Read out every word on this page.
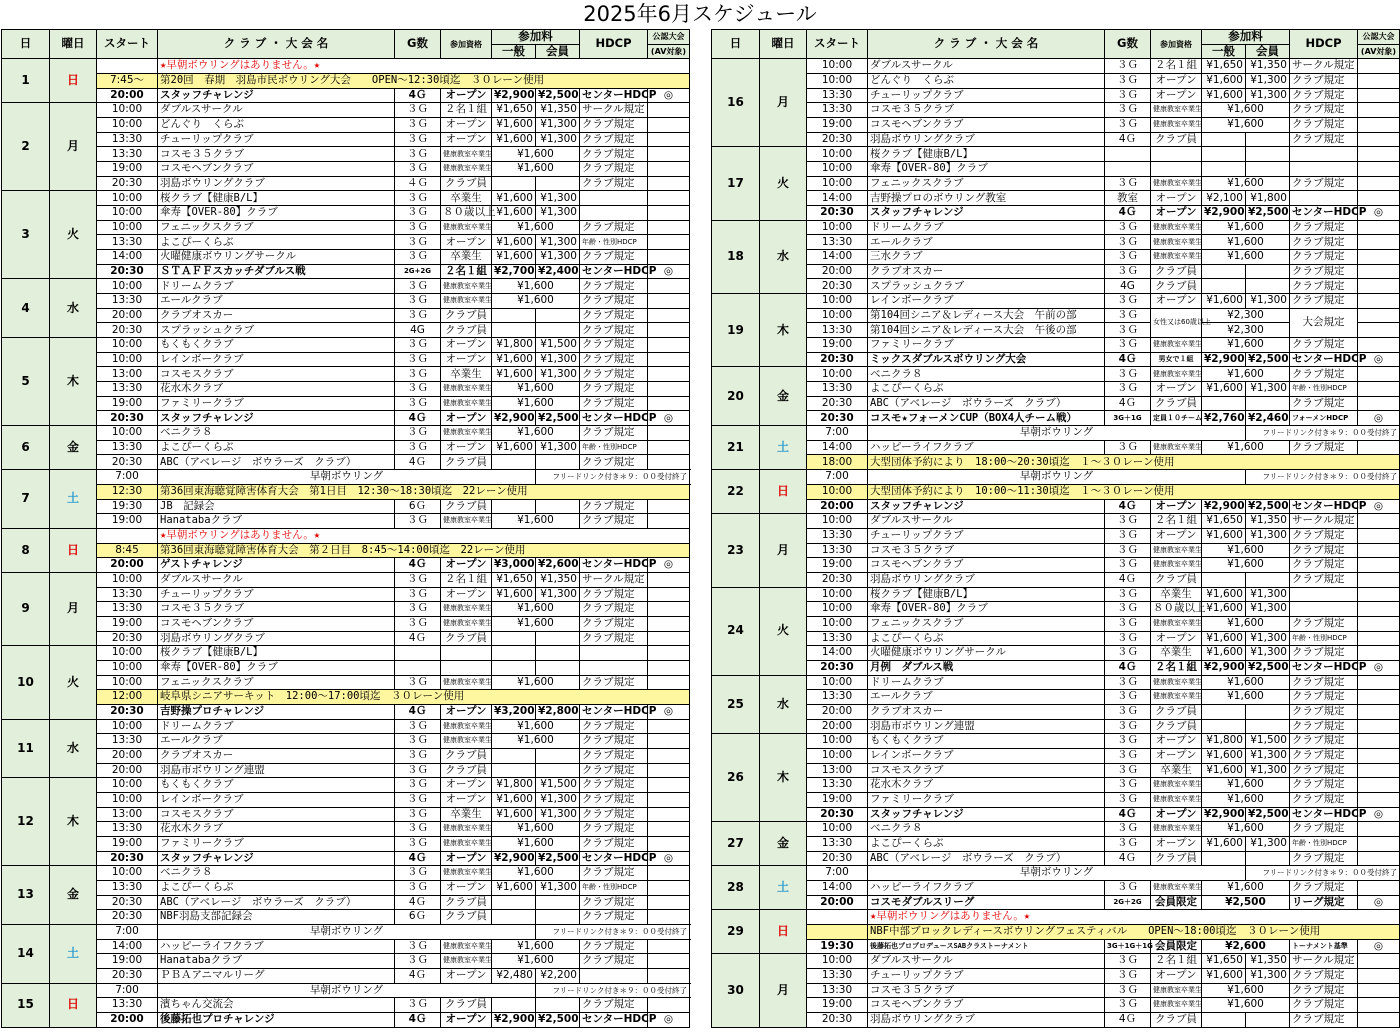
2025年6月スケジュール
日	曜日	スタート	ク ラ ブ ・ 大 会 名	G数	参加資格	参加料		HDCP	公認大会	
						一般	会員		(AV対象)	
1	日		★早朝ボウリングはありません。★							
		7:45～	第20回　春期　羽島市民ボウリング大会　　OPEN～12:30頃迄　３０レーン使用							
		20:00	スタッフチャレンジ	4Ｇ	オープン	¥2,900	¥2,500	センターHDCP	◎	
2	月	10:00	ダブルスサークル	３Ｇ	２名１組	¥1,650	¥1,350	サークル規定		
		10:00	どんぐり　くらぶ	３Ｇ	オープン	¥1,600	¥1,300	クラブ規定		
		13:30	チューリップクラブ	３Ｇ	オープン	¥1,600	¥1,300	クラブ規定		
		13:30	コスモ３５クラブ	３Ｇ	健康教室卒業生	¥1,600		クラブ規定		
		19:00	コスモヘブンクラブ	３Ｇ	健康教室卒業生	¥1,600		クラブ規定		
		20:30	羽島ボウリングクラブ	４Ｇ	クラブ員			クラブ規定		
3	火	10:00	桜クラブ【健康B/L】	３Ｇ	卒業生	¥1,600	¥1,300			
		10:00	傘寿【OVER-80】クラブ	３Ｇ	８０歳以上	¥1,600	¥1,300			
		10:00	フェニックスクラブ	３Ｇ	健康教室卒業生	¥1,600		クラブ規定		
		13:30	よこぴーくらぶ	３Ｇ	オープン	¥1,600	¥1,300	年齢・性別HDCP		
		14:00	火曜健康ボウリングサークル	３Ｇ	卒業生	¥1,600	¥1,300	クラブ規定		
		20:30	ＳＴＡＦＦスカッチダブルス戦	2G+2G	２名１組	¥2,700	¥2,400	センターHDCP	◎	
4	水	10:00	ドリームクラブ	３Ｇ	健康教室卒業生	¥1,600		クラブ規定		
		13:30	エールクラブ	３Ｇ	健康教室卒業生	¥1,600		クラブ規定		
		20:00	クラブオスカー	３Ｇ	クラブ員			クラブ規定		
		20:30	スプラッシュクラブ	4G	クラブ員			クラブ規定		
5	木	10:00	もくもくクラブ	３Ｇ	オープン	¥1,800	¥1,500	クラブ規定		
		10:00	レインボークラブ	３Ｇ	オープン	¥1,600	¥1,300	クラブ規定		
		13:00	コスモスクラブ	３Ｇ	卒業生	¥1,600	¥1,300	クラブ規定		
		13:30	花水木クラブ	３Ｇ	健康教室卒業生	¥1,600		クラブ規定		
		19:00	ファミリークラブ	３Ｇ	健康教室卒業生	¥1,600		クラブ規定		
		20:30	スタッフチャレンジ	4Ｇ	オープン	¥2,900	¥2,500	センターHDCP	◎	
6	金	10:00	ベニクラ８	３Ｇ	健康教室卒業生	¥1,600		クラブ規定		
		13:30	よこぴーくらぶ	３Ｇ	オープン	¥1,600	¥1,300	年齢・性別HDCP		
		20:30	ABC（アベレージ　ボウラーズ　クラブ）	4Ｇ	クラブ員			クラブ規定		
7	土	7:00	早朝ボウリング				フリードリンク付き＊９：００受付終了			
		12:30	第36回東海聴覚障害体育大会　第1日目　12:30～18:30頃迄　22レーン使用							
		19:30	JB　記録会	6Ｇ	クラブ員			クラブ規定		
		19:00	Hanatabaクラブ	３Ｇ	健康教室卒業生	¥1,600		クラブ規定		
8	日		★早朝ボウリングはありません。★							
		8:45	第36回東海聴覚障害体育大会　第２日目　8:45～14:00頃迄　22レーン使用							
		20:00	ゲストチャレンジ	4Ｇ	オープン	¥3,000	¥2,600	センターHDCP	◎	
9	月	10:00	ダブルスサークル	３Ｇ	２名１組	¥1,650	¥1,350	サークル規定		
		13:30	チューリップクラブ	３Ｇ	オープン	¥1,600	¥1,300	クラブ規定		
		13:30	コスモ３５クラブ	３Ｇ	健康教室卒業生	¥1,600		クラブ規定		
		19:00	コスモヘブンクラブ	３Ｇ	健康教室卒業生	¥1,600		クラブ規定		
		20:30	羽島ボウリングクラブ	4Ｇ	クラブ員			クラブ規定		
10	火	10:00	桜クラブ【健康B/L】							
		10:00	傘寿【OVER-80】クラブ							
		10:00	フェニックスクラブ	３Ｇ	健康教室卒業生	¥1,600		クラブ規定		
		12:00	岐阜県シニアサーキット　12:00～17:00頃迄　３０レーン使用							
		20:30	吉野操プロチャレンジ	4Ｇ	オープン	¥3,200	¥2,800	センターHDCP	◎	
11	水	10:00	ドリームクラブ	３Ｇ	健康教室卒業生	¥1,600		クラブ規定		
		13:30	エールクラブ	３Ｇ	健康教室卒業生	¥1,600		クラブ規定		
		20:00	クラブオスカー	３Ｇ	クラブ員			クラブ規定		
		20:00	羽島市ボウリング連盟	３Ｇ	クラブ員			クラブ規定		
12	木	10:00	もくもくクラブ	３Ｇ	オープン	¥1,800	¥1,500	クラブ規定		
		10:00	レインボークラブ	３Ｇ	オープン	¥1,600	¥1,300	クラブ規定		
		13:00	コスモスクラブ	３Ｇ	卒業生	¥1,600	¥1,300	クラブ規定		
		13:30	花水木クラブ	３Ｇ	健康教室卒業生	¥1,600		クラブ規定		
		19:00	ファミリークラブ	３Ｇ	健康教室卒業生	¥1,600		クラブ規定		
		20:30	スタッフチャレンジ	4Ｇ	オープン	¥2,900	¥2,500	センターHDCP	◎	
13	金	10:00	ベニクラ８	３Ｇ	健康教室卒業生	¥1,600		クラブ規定		
		13:30	よこぴーくらぶ	３Ｇ	オープン	¥1,600	¥1,300	年齢・性別HDCP		
		20:30	ABC（アベレージ　ボウラーズ　クラブ）	4Ｇ	クラブ員			クラブ規定		
		20:30	NBF羽島支部記録会	6Ｇ	クラブ員			クラブ規定		
14	土	7:00	早朝ボウリング				フリードリンク付き＊９：００受付終了			
		14:00	ハッピーライフクラブ	３Ｇ	健康教室卒業生	¥1,600		クラブ規定		
		19:00	Hanatabaクラブ	３Ｇ	健康教室卒業生	¥1,600		クラブ規定		
		20:30	ＰＢＡアニマルリーグ	4Ｇ	オープン	¥2,480	¥2,200			
15	日	7:00	早朝ボウリング				フリードリンク付き＊９：００受付終了			
		13:30	濱ちゃん交流会	３Ｇ	クラブ員			クラブ規定		
		20:00	後藤拓也プロチャレンジ	4Ｇ	オープン	¥2,900	¥2,500	センターHDCP	◎	
日	曜日	スタート	ク ラ ブ ・ 大 会 名	G数	参加資格	参加料		HDCP	公認大会	
						一般	会員		(AV対象)	
16	月	10:00	ダブルスサークル	３Ｇ	２名１組	¥1,650	¥1,350	サークル規定		
		10:00	どんぐり　くらぶ	３Ｇ	オープン	¥1,600	¥1,300	クラブ規定		
		13:30	チューリップクラブ	３Ｇ	オープン	¥1,600	¥1,300	クラブ規定		
		13:30	コスモ３５クラブ	３Ｇ	健康教室卒業生	¥1,600		クラブ規定		
		19:00	コスモヘブンクラブ	３Ｇ	健康教室卒業生	¥1,600		クラブ規定		
		20:30	羽島ボウリングクラブ	4Ｇ	クラブ員			クラブ規定		
17	火	10:00	桜クラブ【健康B/L】							
		10:00	傘寿【OVER-80】クラブ							
		10:00	フェニックスクラブ	３Ｇ	健康教室卒業生	¥1,600		クラブ規定		
		14:00	吉野操プロのボウリング教室	教室	オープン	¥2,100	¥1,800			
		20:30	スタッフチャレンジ	4Ｇ	オープン	¥2,900	¥2,500	センターHDCP	◎	
18	水	10:00	ドリームクラブ	３Ｇ	健康教室卒業生	¥1,600		クラブ規定		
		13:30	エールクラブ	３Ｇ	健康教室卒業生	¥1,600		クラブ規定		
		14:00	三水クラブ	３Ｇ	健康教室卒業生	¥1,600		クラブ規定		
		20:00	クラブオスカー	３Ｇ	クラブ員			クラブ規定		
		20:30	スプラッシュクラブ	4G	クラブ員			クラブ規定		
19	木	10:00	レインボークラブ	３Ｇ	オープン	¥1,600	¥1,300	クラブ規定		
		10:00	第104回シニア＆レディース大会　午前の部	３Ｇ	女性又は60歳以上	¥2,300		大会規定		
		13:30	第104回シニア＆レディース大会　午後の部	３Ｇ		¥2,300				
		19:00	ファミリークラブ	３Ｇ	健康教室卒業生	¥1,600		クラブ規定		
		20:30	ミックスダブルスボウリング大会	4Ｇ	男女で１組	¥2,900	¥2,500	センターHDCP	◎	
20	金	10:00	ベニクラ８	３Ｇ	健康教室卒業生	¥1,600		クラブ規定		
		13:30	よこぴーくらぶ	３Ｇ	オープン	¥1,600	¥1,300	年齢・性別HDCP		
		20:30	ABC（アベレージ　ボウラーズ　クラブ）	4Ｇ	クラブ員			クラブ規定		
		20:30	コスモ★フォーメンCUP（BOX4人チーム戦）	3G＋1G	定員１０チーム	¥2,760	¥2,460	フォーメンHDCP	◎	
21	土	7:00	早朝ボウリング				フリードリンク付き＊９：００受付終了			
		14:00	ハッピーライフクラブ	３Ｇ	健康教室卒業生	¥1,600		クラブ規定		
		18:00	大型団体予約により　18:00～20:30頃迄　１～３０レーン使用							
22	日	7:00	早朝ボウリング				フリードリンク付き＊９：００受付終了			
		10:00	大型団体予約により　10:00～11:30頃迄　１～３０レーン使用							
		20:00	スタッフチャレンジ	4Ｇ	オープン	¥2,900	¥2,500	センターHDCP	◎	
23	月	10:00	ダブルスサークル	３Ｇ	２名１組	¥1,650	¥1,350	サークル規定		
		13:30	チューリップクラブ	３Ｇ	オープン	¥1,600	¥1,300	クラブ規定		
		13:30	コスモ３５クラブ	３Ｇ	健康教室卒業生	¥1,600		クラブ規定		
		19:00	コスモヘブンクラブ	３Ｇ	健康教室卒業生	¥1,600		クラブ規定		
		20:30	羽島ボウリングクラブ	4Ｇ	クラブ員			クラブ規定		
24	火	10:00	桜クラブ【健康B/L】	３Ｇ	卒業生	¥1,600	¥1,300			
		10:00	傘寿【OVER-80】クラブ	３Ｇ	８０歳以上	¥1,600	¥1,300			
		10:00	フェニックスクラブ	３Ｇ	健康教室卒業生	¥1,600		クラブ規定		
		13:30	よこぴーくらぶ	３Ｇ	オープン	¥1,600	¥1,300	年齢・性別HDCP		
		14:00	火曜健康ボウリングサークル	３Ｇ	卒業生	¥1,600	¥1,300	クラブ規定		
		20:30	月例　ダブルス戦	4Ｇ	２名１組	¥2,900	¥2,500	センターHDCP	◎	
25	水	10:00	ドリームクラブ	３Ｇ	健康教室卒業生	¥1,600		クラブ規定		
		13:30	エールクラブ	３Ｇ	健康教室卒業生	¥1,600		クラブ規定		
		20:00	クラブオスカー	３Ｇ	クラブ員			クラブ規定		
		20:00	羽島市ボウリング連盟	３Ｇ	クラブ員			クラブ規定		
26	木	10:00	もくもくクラブ	３Ｇ	オープン	¥1,800	¥1,500	クラブ規定		
		10:00	レインボークラブ	３Ｇ	オープン	¥1,600	¥1,300	クラブ規定		
		13:00	コスモスクラブ	３Ｇ	卒業生	¥1,600	¥1,300	クラブ規定		
		13:30	花水木クラブ	３Ｇ	健康教室卒業生	¥1,600		クラブ規定		
		19:00	ファミリークラブ	３Ｇ	健康教室卒業生	¥1,600		クラブ規定		
		20:30	スタッフチャレンジ	4Ｇ	オープン	¥2,900	¥2,500	センターHDCP	◎	
27	金	10:00	ベニクラ８	３Ｇ	健康教室卒業生	¥1,600		クラブ規定		
		13:30	よこぴーくらぶ	３Ｇ	オープン	¥1,600	¥1,300	年齢・性別HDCP		
		20:30	ABC（アベレージ　ボウラーズ　クラブ）	4Ｇ	クラブ員			クラブ規定		
28	土	7:00	早朝ボウリング				フリードリンク付き＊９：００受付終了			
		14:00	ハッピーライフクラブ	３Ｇ	健康教室卒業生	¥1,600		クラブ規定		
		20:00	コスモダブルスリーグ	2G＋2G	会員限定	¥2,500		リーグ規定	◎	
29	日		★早朝ボウリングはありません。★							
			NBF中部ブロックレディースボウリングフェスティバル　　OPEN～18:00頃迄　３０レーン使用							
		19:30	後藤拓也プロプロデュースSABクラストーナメント	3G＋1G＋1G	会員限定	¥2,600		トーナメント基準	◎	
30	月	10:00	ダブルスサークル	３Ｇ	２名１組	¥1,650	¥1,350	サークル規定		
		13:30	チューリップクラブ	３Ｇ	オープン	¥1,600	¥1,300	クラブ規定		
		13:30	コスモ３５クラブ	３Ｇ	健康教室卒業生	¥1,600		クラブ規定		
		19:00	コスモヘブンクラブ	３Ｇ	健康教室卒業生	¥1,600		クラブ規定		
		20:30	羽島ボウリングクラブ	4Ｇ	クラブ員			クラブ規定		
